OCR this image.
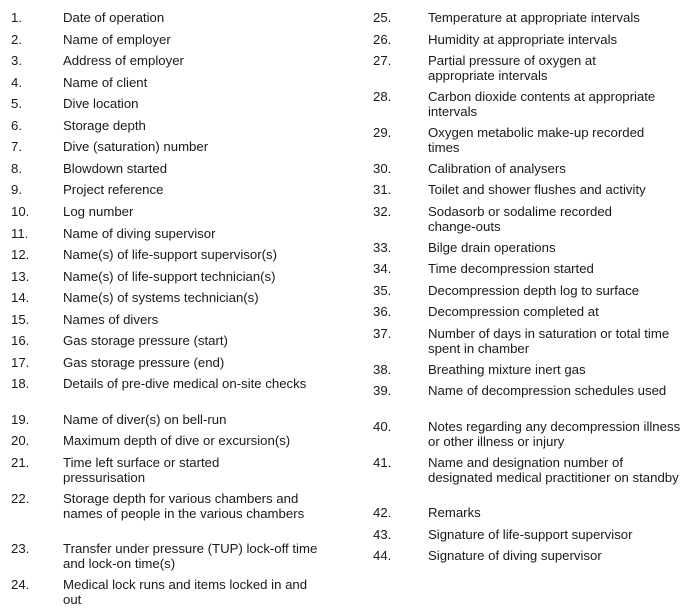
1.	Date of operation
2.	Name of employer
3.	Address of employer
4.	Name of client
5.	Dive location
6.	Storage depth
7.	Dive (saturation) number
8.	Blowdown started
9.	Project reference
10.	Log number
11.	Name of diving supervisor
12.	Name(s) of life-support supervisor(s)
13.	Name(s) of life-support technician(s)
14.	Name(s) of systems technician(s)
15.	Names of divers
16.	Gas storage pressure (start)
17.	Gas storage pressure (end)
18.	Details of pre-dive medical on-site checks
19.	Name of diver(s) on bell-run
20.	Maximum depth of dive or excursion(s)
21.	Time left surface or started pressurisation
22.	Storage depth for various chambers and names of people in the various chambers
23.	Transfer under pressure (TUP) lock-off time and lock-on time(s)
24.	Medical lock runs and items locked in and out
25.	Temperature at appropriate intervals
26.	Humidity at appropriate intervals
27.	Partial pressure of oxygen at appropriate intervals
28.	Carbon dioxide contents at appropriate intervals
29.	Oxygen metabolic make-up recorded times
30.	Calibration of analysers
31.	Toilet and shower flushes and activity
32.	Sodasorb or sodalime recorded change-outs
33.	Bilge drain operations
34.	Time decompression started
35.	Decompression depth log to surface
36.	Decompression completed at
37.	Number of days in saturation or total time spent in chamber
38.	Breathing mixture inert gas
39.	Name of decompression schedules used
40.	Notes regarding any decompression illness or other illness or injury
41.	Name and designation number of designated medical practitioner on standby
42.	Remarks
43.	Signature of life-support supervisor
44.	Signature of diving supervisor
